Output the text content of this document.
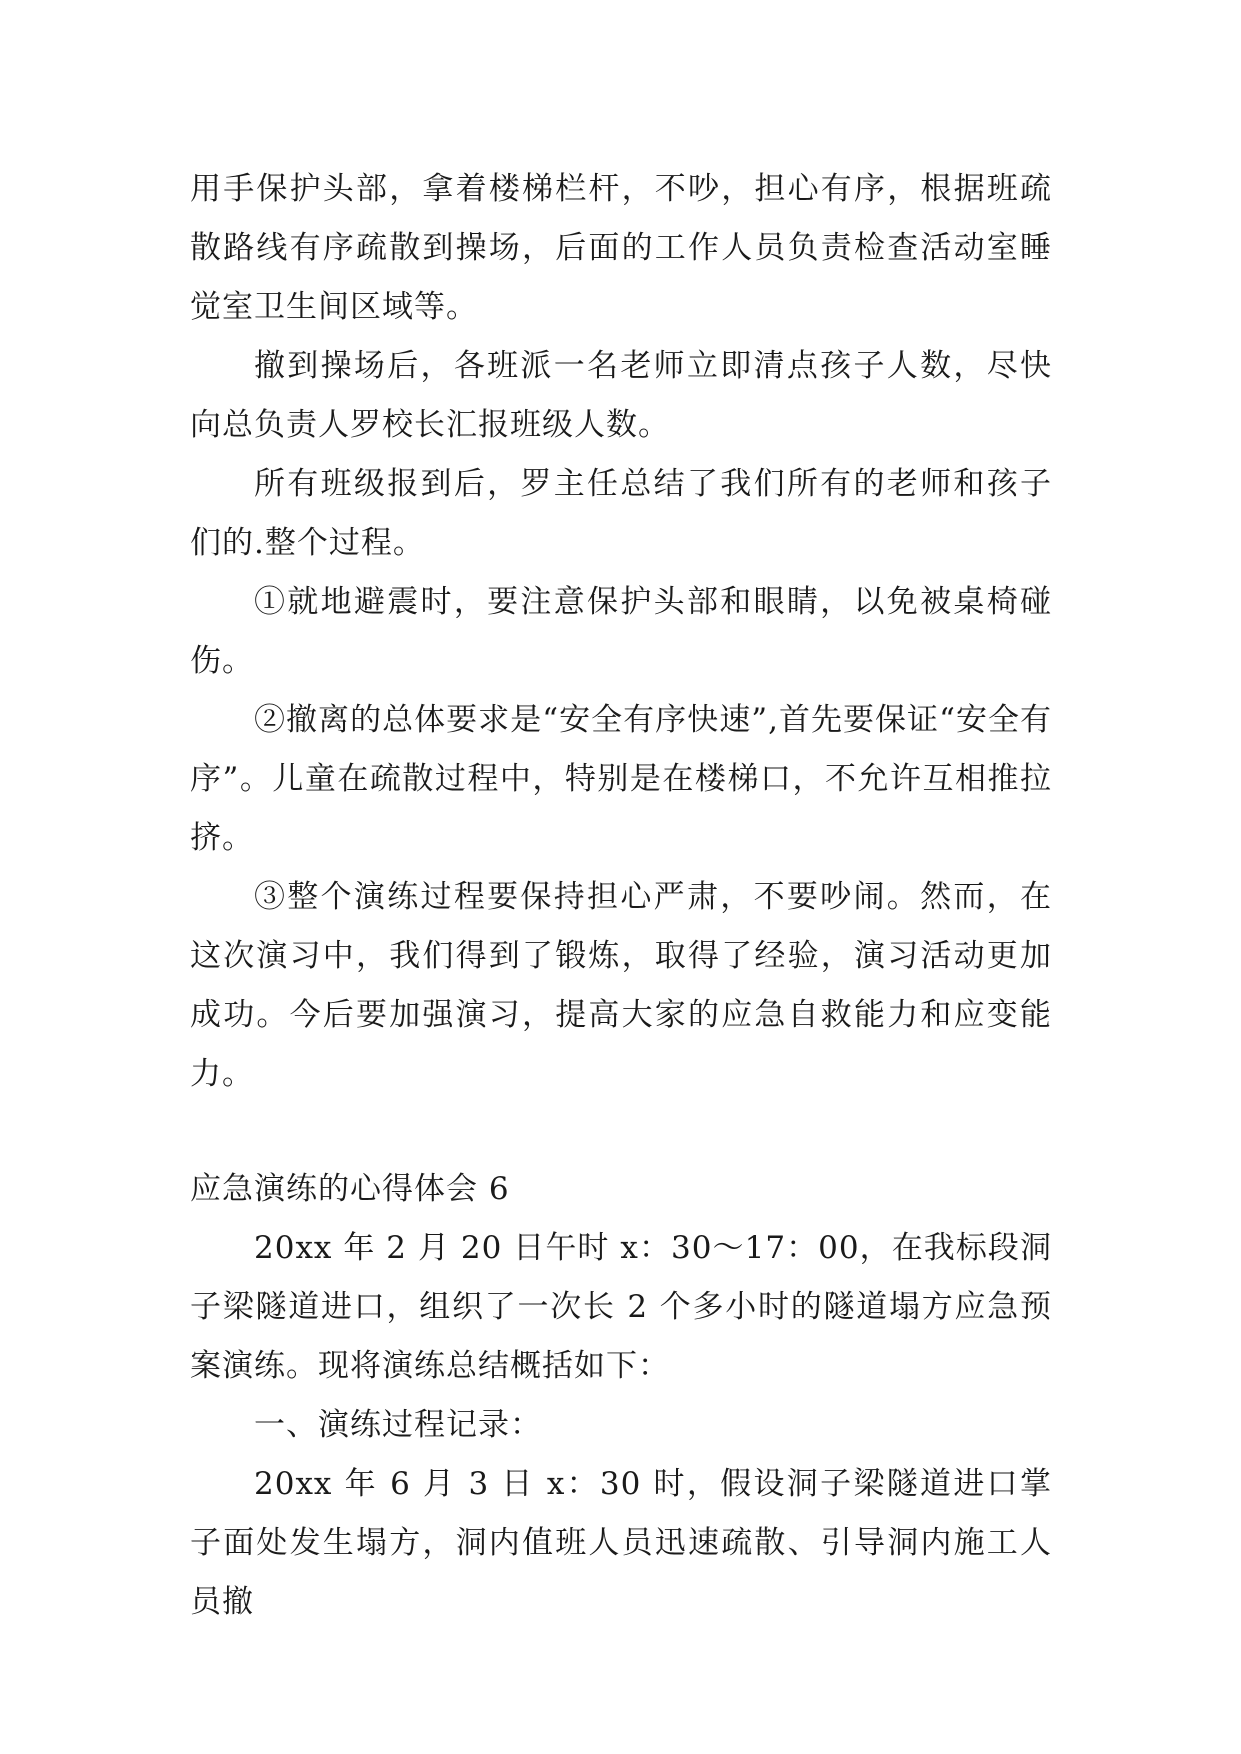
用手保护头部，拿着楼梯栏杆，不吵，担心有序，根据班疏散路线有序疏散到操场，后面的工作人员负责检查活动室睡觉室卫生间区域等。

撤到操场后，各班派一名老师立即清点孩子人数，尽快向总负责人罗校长汇报班级人数。

所有班级报到后，罗主任总结了我们所有的老师和孩子们的.整个过程。

①就地避震时，要注意保护头部和眼睛，以免被桌椅碰伤。

②撤离的总体要求是“安全有序快速”,首先要保证“安全有序”。儿童在疏散过程中，特别是在楼梯口，不允许互相推拉挤。

③整个演练过程要保持担心严肃，不要吵闹。然而，在这次演习中，我们得到了锻炼，取得了经验，演习活动更加成功。今后要加强演习，提高大家的应急自救能力和应变能力。

应急演练的心得体会 6

20xx 年 2 月 20 日午时 x：30～17：00，在我标段洞子梁隧道进口，组织了一次长 2 个多小时的隧道塌方应急预案演练。现将演练总结概括如下：

一、演练过程记录：

20xx 年 6 月 3 日 x：30 时，假设洞子梁隧道进口掌子面处发生塌方，洞内值班人员迅速疏散、引导洞内施工人员撤
